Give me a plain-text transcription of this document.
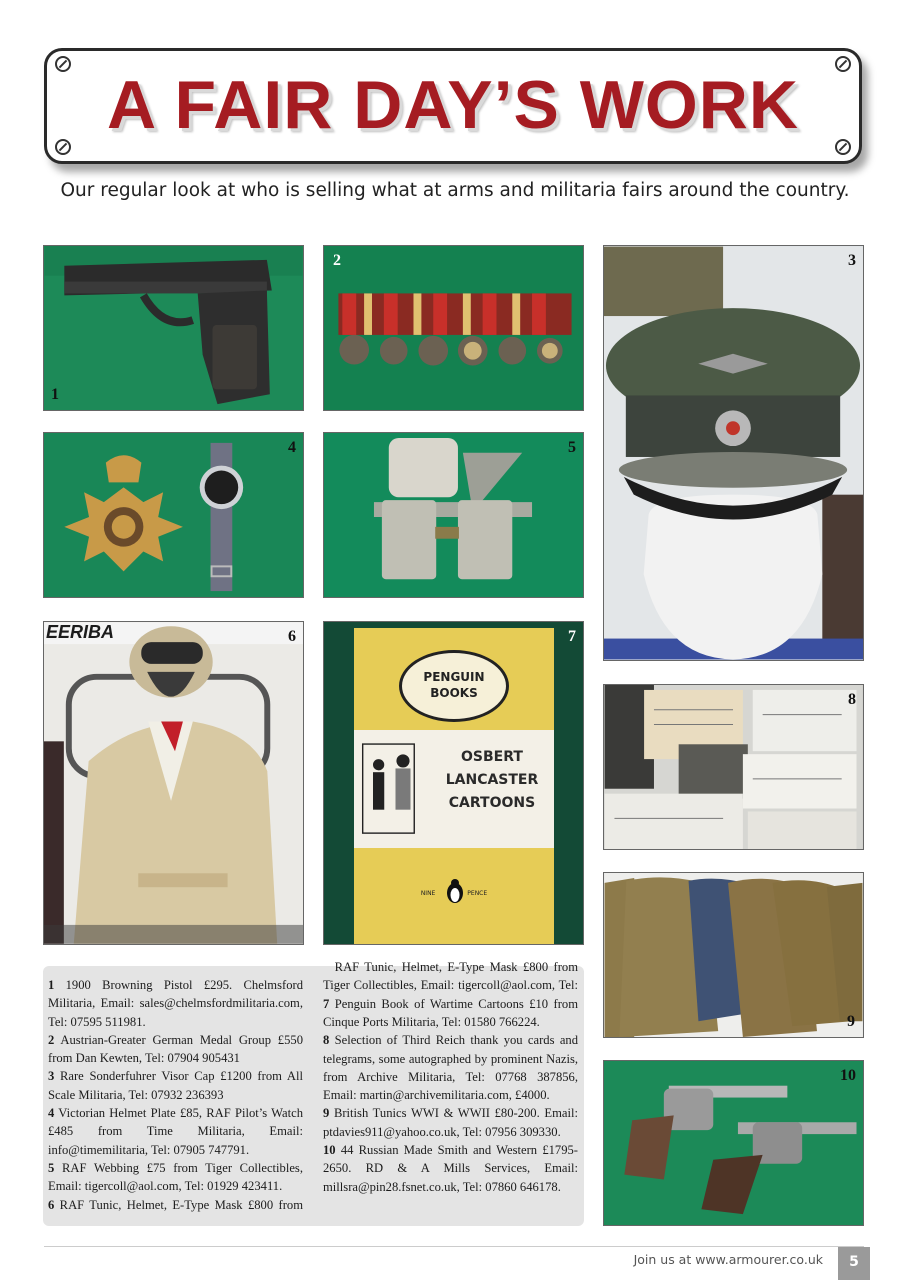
A FAIR DAY’S WORK
Our regular look at who is selling what at arms and militaria fairs around the country.
1
2	3
4	5
EERIBA	6
PENGUIN
BOOKS
OSBERT
LANCASTER
CARTOONS
NINE	PENCE
7
8
9
10

1 1900 Browning Pistol £295. Chelmsford Militaria, Email: sales@chelmsfordmilitaria.com, Tel: 07595 511981.

2 Austrian-Greater German Medal Group £550 from Dan Kewten, Tel: 07904 905431

3 Rare Sonderfuhrer Visor Cap £1200 from All Scale Militaria, Tel: 07932 236393

4 Victorian Helmet Plate £85, RAF Pilot’s Watch £485 from Time Militaria, Email: info@timemilitaria, Tel: 07905 747791.

5 RAF Webbing £75 from Tiger Collectibles, Email: tigercoll@aol.com, Tel: 01929 423411.

6 RAF Tunic, Helmet, E-Type Mask £800 from

RAF Tunic, Helmet, E-Type Mask £800 from Tiger Collectibles, Email: tigercoll@aol.com, Tel:

7 Penguin Book of Wartime Cartoons £10 from Cinque Ports Militaria, Tel: 01580 766224.

8 Selection of Third Reich thank you cards and telegrams, some autographed by prominent Nazis, from Archive Militaria, Tel: 07768 387856, Email: martin@archivemilitaria.com, £4000.

9 British Tunics WWI & WWII £80-200. Email: ptdavies911@yahoo.co.uk, Tel: 07956 309330.

10 44 Russian Made Smith and Western £1795-2650. RD & A Mills Services, Email: millsra@pin28.fsnet.co.uk, Tel: 07860 646178.

Join us at www.armourer.co.uk	5
